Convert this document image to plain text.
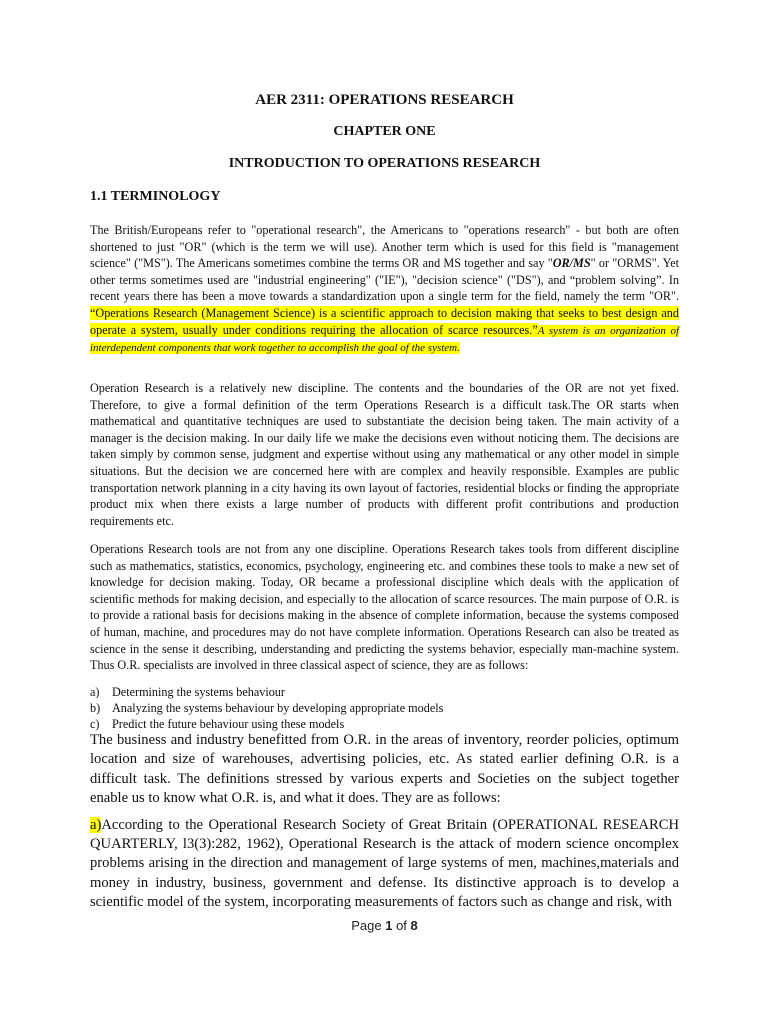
AER 2311: OPERATIONS RESEARCH

CHAPTER ONE

INTRODUCTION TO OPERATIONS RESEARCH

1.1 TERMINOLOGY

The British/Europeans refer to "operational research", the Americans to "operations research" - but both are often shortened to just "OR" (which is the term we will use). Another term which is used for this field is "management science" ("MS"). The Americans sometimes combine the terms OR and MS together and say "OR/MS" or "ORMS". Yet other terms sometimes used are "industrial engineering" ("IE"), "decision science" ("DS"), and “problem solving”. In recent years there has been a move towards a standardization upon a single term for the field, namely the term "OR". “Operations Research (Management Science) is a scientific approach to decision making that seeks to best design and operate a system, usually under conditions requiring the allocation of scarce resources.”A system is an organization of interdependent components that work together to accomplish the goal of the system.

Operation Research is a relatively new discipline. The contents and the boundaries of the OR are not yet fixed. Therefore, to give a formal definition of the term Operations Research is a difficult task.The OR starts when mathematical and quantitative techniques are used to substantiate the decision being taken. The main activity of a manager is the decision making. In our daily life we make the decisions even without noticing them. The decisions are taken simply by common sense, judgment and expertise without using any mathematical or any other model in simple situations. But the decision we are concerned here with are complex and heavily responsible. Examples are public transportation network planning in a city having its own layout of factories, residential blocks or finding the appropriate product mix when there exists a large number of products with different profit contributions and production requirements etc.

Operations Research tools are not from any one discipline. Operations Research takes tools from different discipline such as mathematics, statistics, economics, psychology, engineering etc. and combines these tools to make a new set of knowledge for decision making. Today, OR became a professional discipline which deals with the application of scientific methods for making decision, and especially to the allocation of scarce resources. The main purpose of O.R. is to provide a rational basis for decisions making in the absence of complete information, because the systems composed of human, machine, and procedures may do not have complete information. Operations Research can also be treated as science in the sense it describing, understanding and predicting the systems behavior, especially man-machine system. Thus O.R. specialists are involved in three classical aspect of science, they are as follows:

a) Determining the systems behaviour
b) Analyzing the systems behaviour by developing appropriate models
c) Predict the future behaviour using these models

The business and industry benefitted from O.R. in the areas of inventory, reorder policies, optimum location and size of warehouses, advertising policies, etc. As stated earlier defining O.R. is a difficult task. The definitions stressed by various experts and Societies on the subject together enable us to know what O.R. is, and what it does. They are as follows:

a)According to the Operational Research Society of Great Britain (OPERATIONAL RESEARCH QUARTERLY, l3(3):282, 1962), Operational Research is the attack of modern science oncomplex problems arising in the direction and management of large systems of men, machines,materials and money in industry, business, government and defense. Its distinctive approach is to develop a scientific model of the system, incorporating measurements of factors such as change and risk, with

Page 1 of 8
